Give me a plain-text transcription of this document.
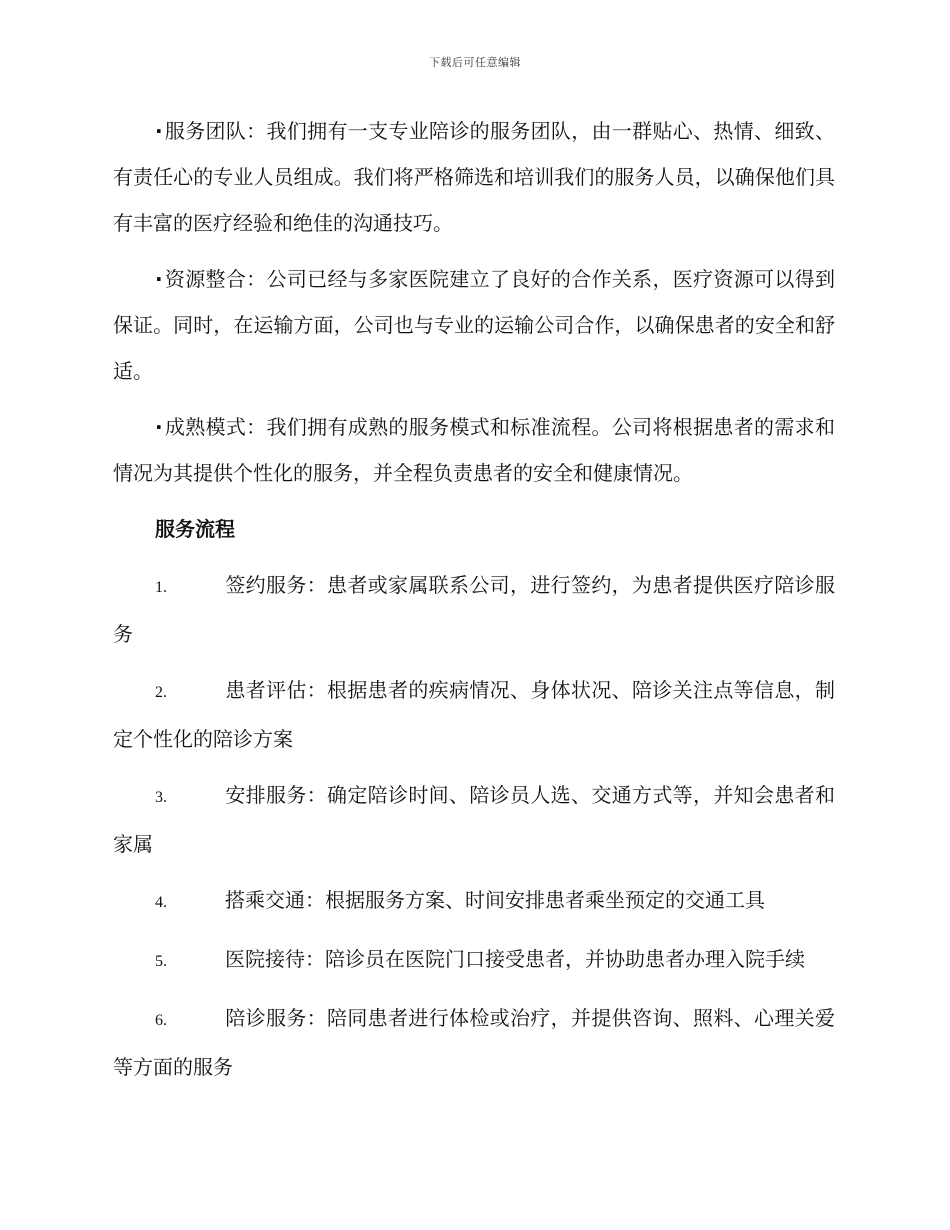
下载后可任意编辑

· 服务团队：我们拥有一支专业陪诊的服务团队，由一群贴心、热情、细致、有责任心的专业人员组成。我们将严格筛选和培训我们的服务人员，以确保他们具有丰富的医疗经验和绝佳的沟通技巧。

· 资源整合：公司已经与多家医院建立了良好的合作关系，医疗资源可以得到保证。同时，在运输方面，公司也与专业的运输公司合作，以确保患者的安全和舒适。

· 成熟模式：我们拥有成熟的服务模式和标准流程。公司将根据患者的需求和情况为其提供个性化的服务，并全程负责患者的安全和健康情况。

服务流程

1.	签约服务：患者或家属联系公司，进行签约，为患者提供医疗陪诊服务

2.	患者评估：根据患者的疾病情况、身体状况、陪诊关注点等信息，制定个性化的陪诊方案

3.	安排服务：确定陪诊时间、陪诊员人选、交通方式等，并知会患者和家属

4.	搭乘交通：根据服务方案、时间安排患者乘坐预定的交通工具

5.	医院接待：陪诊员在医院门口接受患者，并协助患者办理入院手续

6.	陪诊服务：陪同患者进行体检或治疗，并提供咨询、照料、心理关爱等方面的服务
